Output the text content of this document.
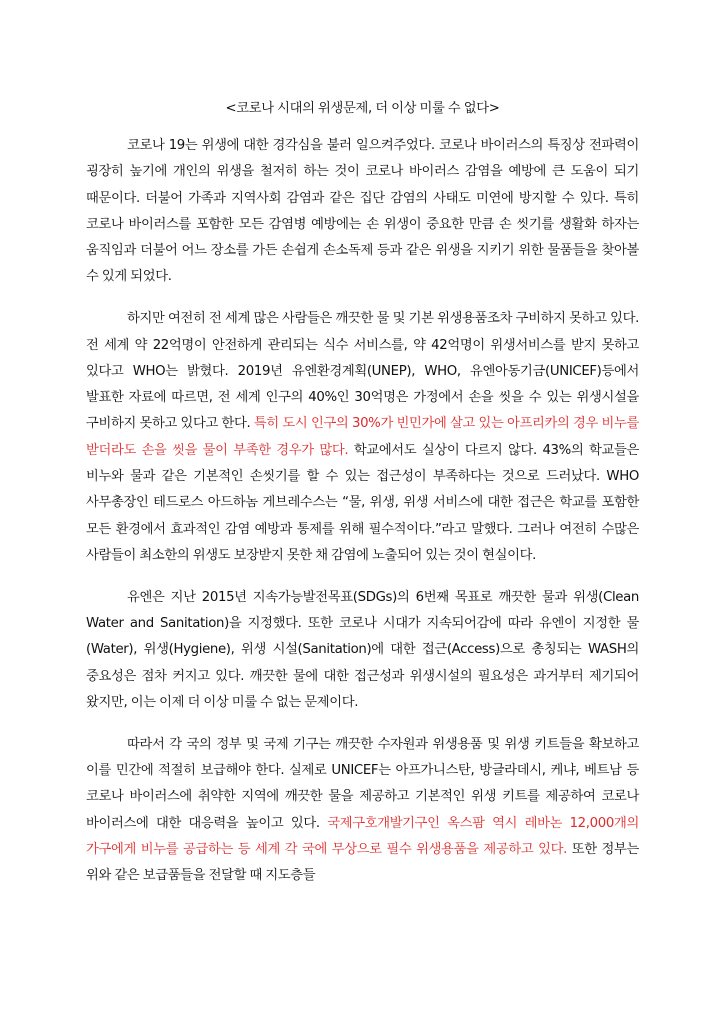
<코로나 시대의 위생문제, 더 이상 미룰 수 없다>

코로나 19는 위생에 대한 경각심을 불러 일으켜주었다. 코로나 바이러스의 특징상 전파력이 굉장히 높기에 개인의 위생을 철저히 하는 것이 코로나 바이러스 감염을 예방에 큰 도움이 되기 때문이다. 더불어 가족과 지역사회 감염과 같은 집단 감염의 사태도 미연에 방지할 수 있다. 특히 코로나 바이러스를 포함한 모든 감염병 예방에는 손 위생이 중요한 만큼 손 씻기를 생활화 하자는 움직임과 더불어 어느 장소를 가든 손쉽게 손소독제 등과 같은 위생을 지키기 위한 물품들을 찾아볼 수 있게 되었다.

하지만 여전히 전 세계 많은 사람들은 깨끗한 물 및 기본 위생용품조차 구비하지 못하고 있다. 전 세계 약 22억명이 안전하게 관리되는 식수 서비스를, 약 42억명이 위생서비스를 받지 못하고 있다고 WHO는 밝혔다. 2019년 유엔환경계획(UNEP), WHO, 유엔아동기금(UNICEF)등에서 발표한 자료에 따르면, 전 세계 인구의 40%인 30억명은 가정에서 손을 씻을 수 있는 위생시설을 구비하지 못하고 있다고 한다. 특히 도시 인구의 30%가 빈민가에 살고 있는 아프리카의 경우 비누를 받더라도 손을 씻을 물이 부족한 경우가 많다. 학교에서도 실상이 다르지 않다. 43%의 학교들은 비누와 물과 같은 기본적인 손씻기를 할 수 있는 접근성이 부족하다는 것으로 드러났다. WHO 사무총장인 테드로스 아드하놈 게브레수스는 “물, 위생, 위생 서비스에 대한 접근은 학교를 포함한 모든 환경에서 효과적인 감염 예방과 통제를 위해 필수적이다.”라고 말했다. 그러나 여전히 수많은 사람들이 최소한의 위생도 보장받지 못한 채 감염에 노출되어 있는 것이 현실이다.

유엔은 지난 2015년 지속가능발전목표(SDGs)의 6번째 목표로 깨끗한 물과 위생(Clean Water and Sanitation)을 지정했다. 또한 코로나 시대가 지속되어감에 따라 유엔이 지정한 물(Water), 위생(Hygiene), 위생 시설(Sanitation)에 대한 접근(Access)으로 총칭되는 WASH의 중요성은 점차 커지고 있다. 깨끗한 물에 대한 접근성과 위생시설의 필요성은 과거부터 제기되어 왔지만, 이는 이제 더 이상 미룰 수 없는 문제이다.

따라서 각 국의 정부 및 국제 기구는 깨끗한 수자원과 위생용품 및 위생 키트들을 확보하고 이를 민간에 적절히 보급해야 한다. 실제로 UNICEF는 아프가니스탄, 방글라데시, 케냐, 베트남 등 코로나 바이러스에 취약한 지역에 깨끗한 물을 제공하고 기본적인 위생 키트를 제공하여 코로나 바이러스에 대한 대응력을 높이고 있다. 국제구호개발기구인 옥스팜 역시 레바논 12,000개의 가구에게 비누를 공급하는 등 세계 각 국에 무상으로 필수 위생용품을 제공하고 있다. 또한 정부는 위와 같은 보급품들을 전달할 때 지도층들
